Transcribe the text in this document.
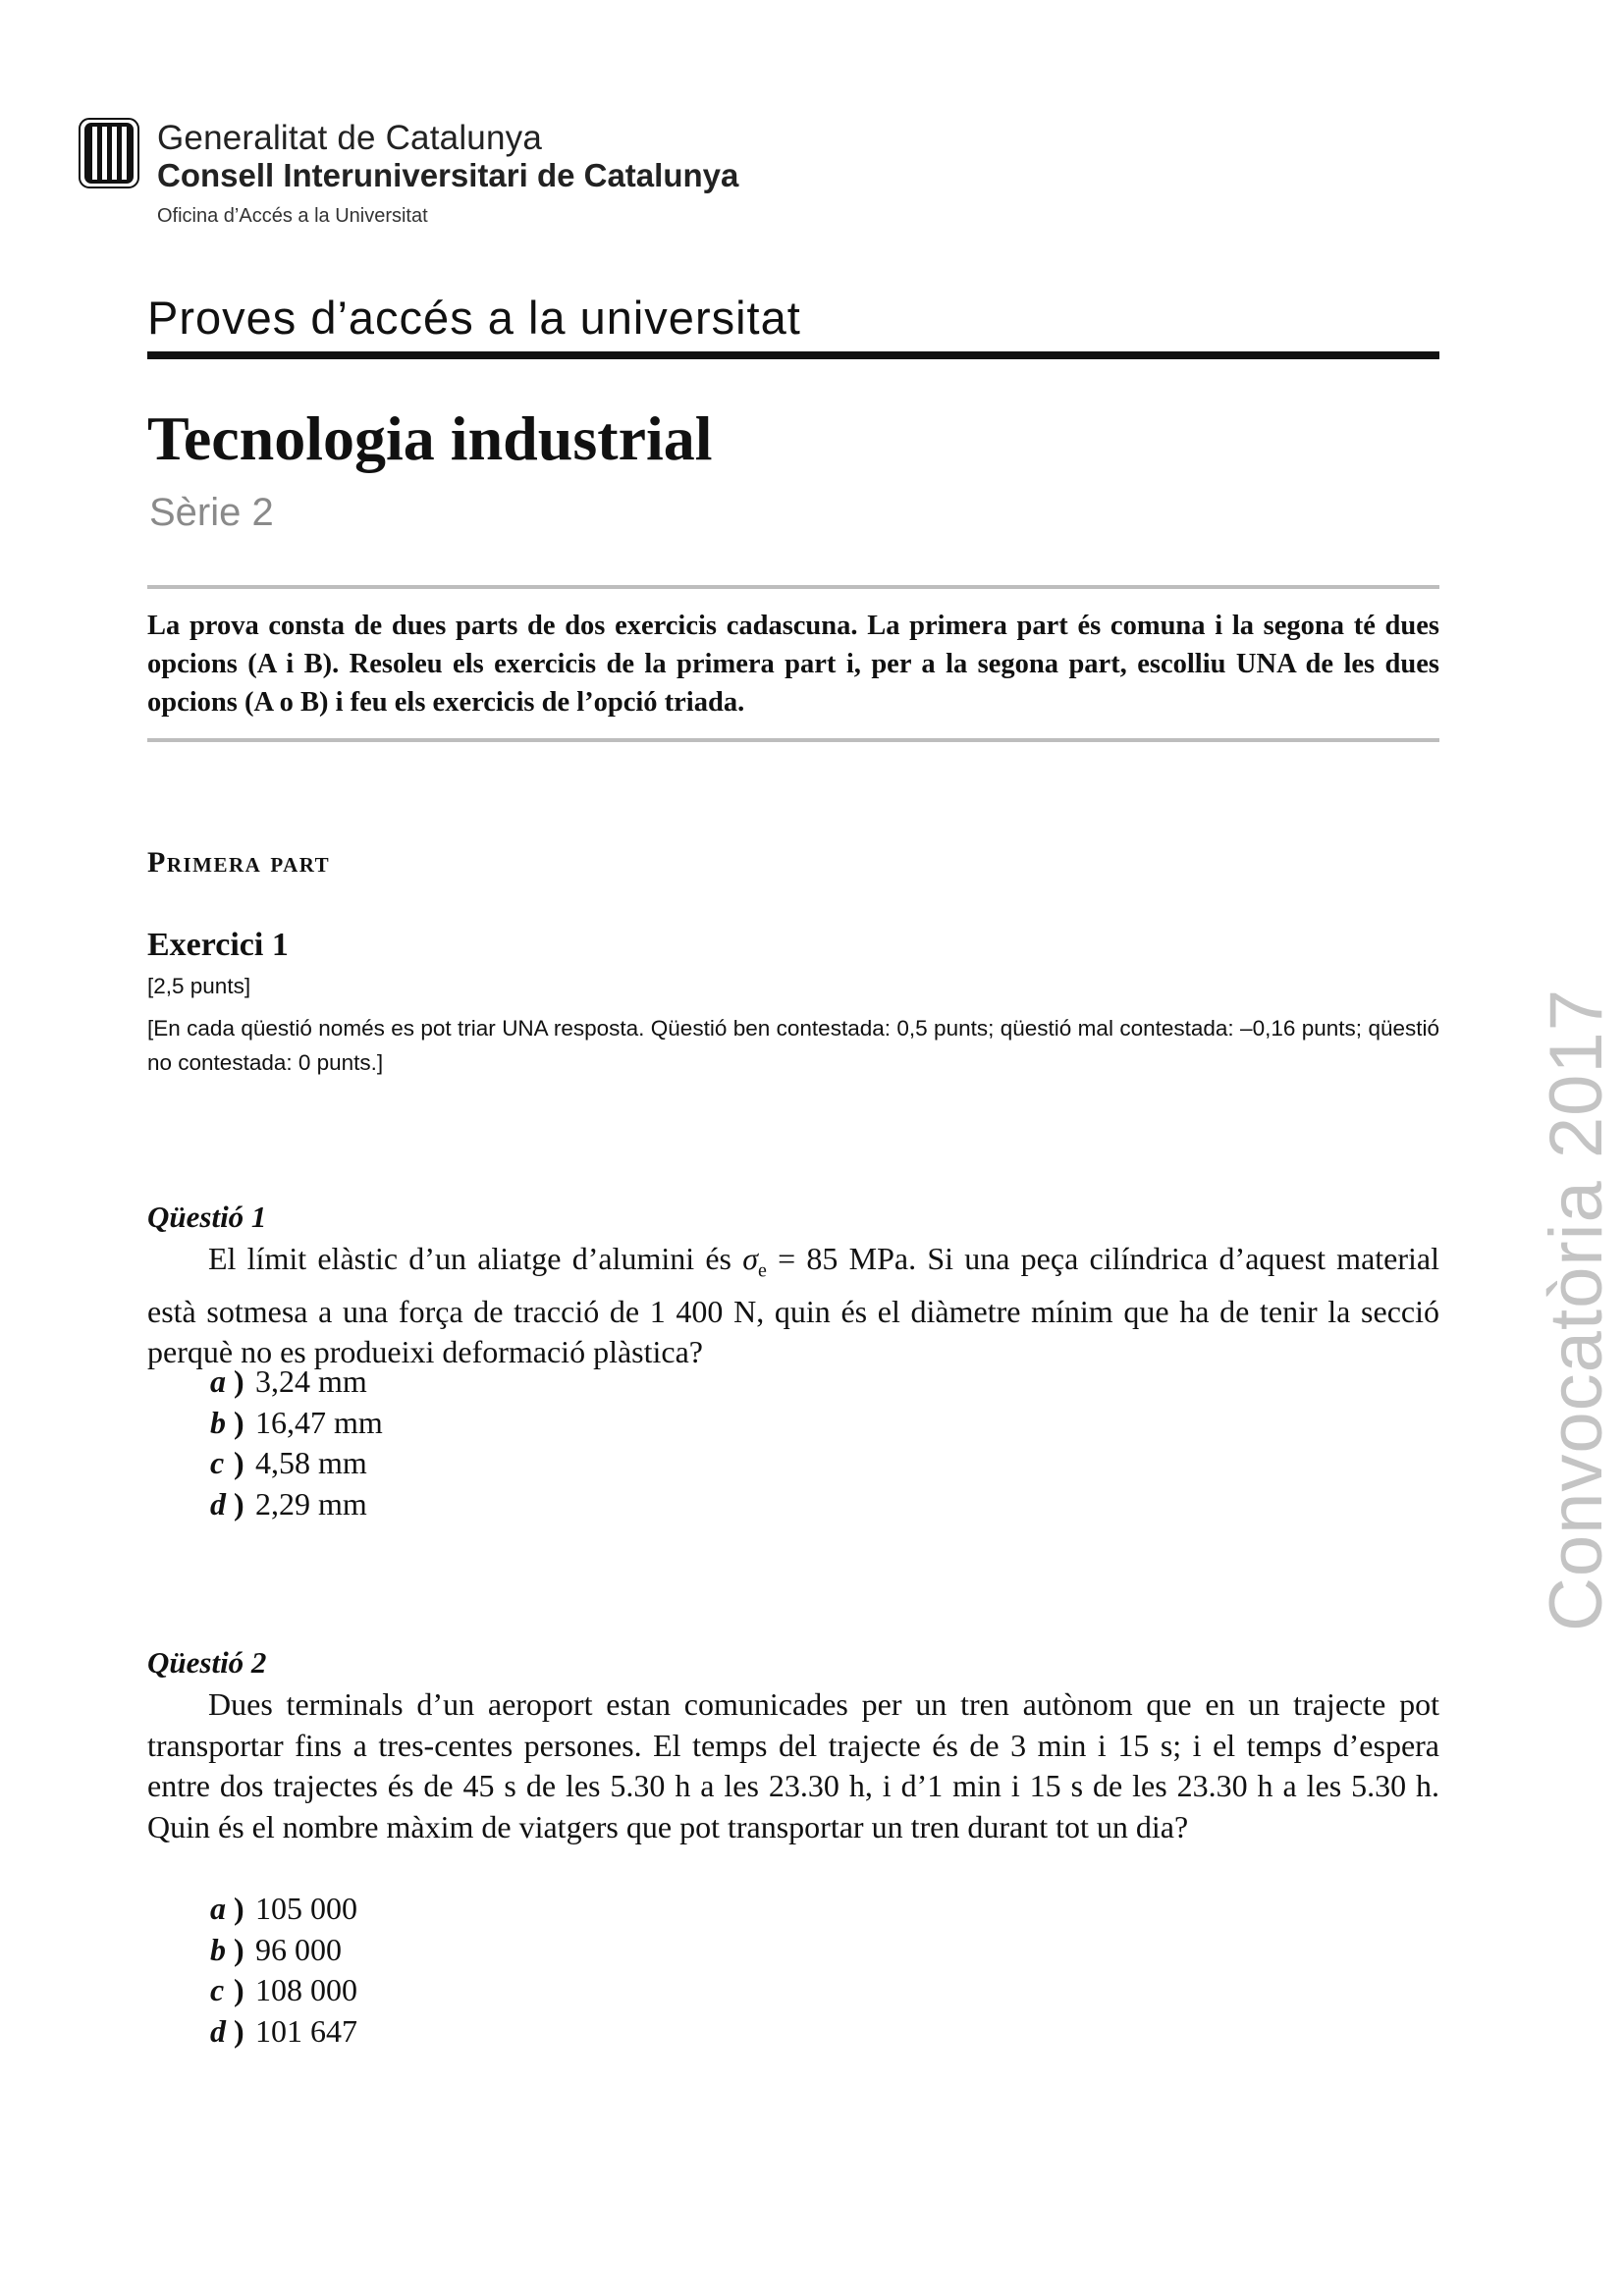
Generalitat de Catalunya
Consell Interuniversitari de Catalunya
Oficina d’Accés a la Universitat
Proves d’accés a la universitat
Tecnologia industrial
Sèrie 2
La prova consta de dues parts de dos exercicis cadascuna. La primera part és comuna i la segona té dues opcions (A i B). Resoleu els exercicis de la primera part i, per a la segona part, escolliu UNA de les dues opcions (A o B) i feu els exercicis de l’opció triada.
Primera part
Exercici 1
[2,5 punts]
[En cada qüestió només es pot triar UNA resposta. Qüestió ben contestada: 0,5 punts; qüestió mal contestada: –0,16 punts; qüestió no contestada: 0 punts.]
Qüestió 1
El límit elàstic d’un aliatge d’alumini és $\sigma_e = 85$ MPa. Si una peça cilíndrica d’aquest material està sotmesa a una força de tracció de 1 400 N, quin és el diàmetre mínim que ha de tenir la secció perquè no es produeixi deformació plàstica?
a ) 3,24 mm
b ) 16,47 mm
c ) 4,58 mm
d ) 2,29 mm
Qüestió 2
Dues terminals d’un aeroport estan comunicades per un tren autònom que en un trajecte pot transportar fins a tres-centes persones. El temps del trajecte és de 3 min i 15 s; i el temps d’espera entre dos trajectes és de 45 s de les 5.30 h a les 23.30 h, i d’1 min i 15 s de les 23.30 h a les 5.30 h. Quin és el nombre màxim de viatgers que pot transportar un tren durant tot un dia?
a ) 105 000
b ) 96 000
c ) 108 000
d ) 101 647
Convocatòria 2017
